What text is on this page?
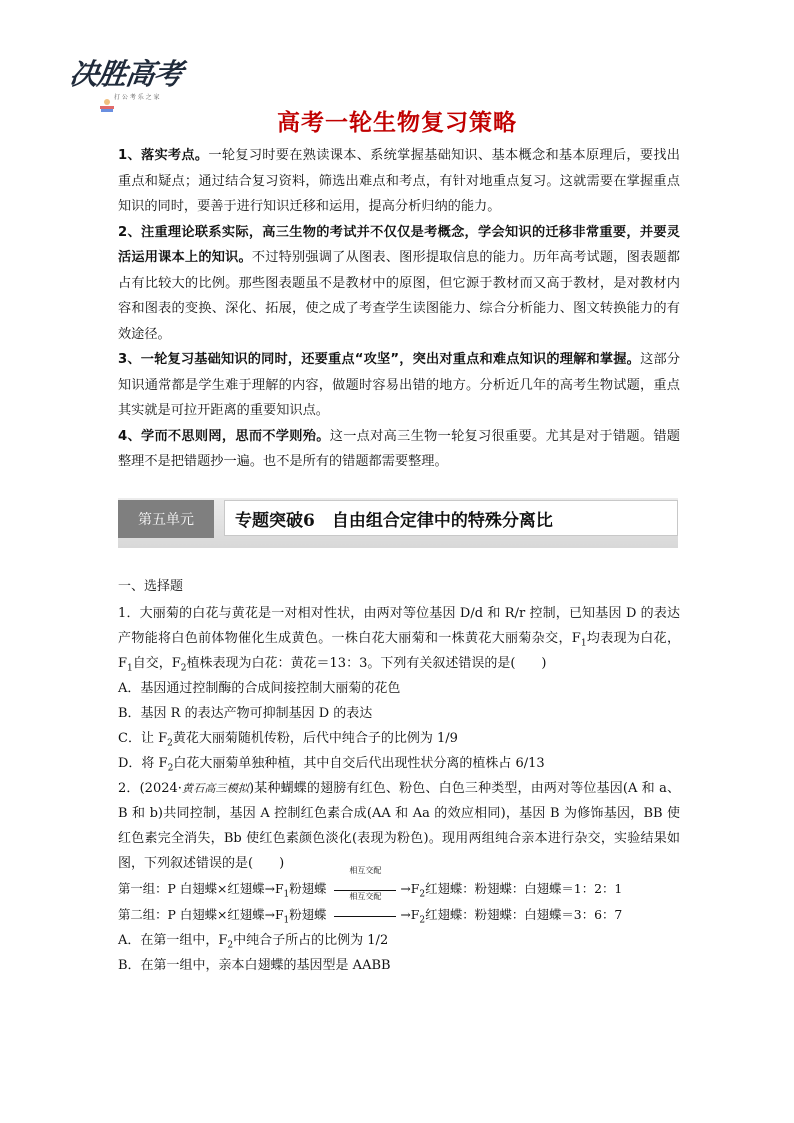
决胜高考
打 公 考 乐 之 家
高考一轮生物复习策略

1、落实考点。一轮复习时要在熟读课本、系统掌握基础知识、基本概念和基本原理后，要找出重点和疑点；通过结合复习资料，筛选出难点和考点，有针对地重点复习。这就需要在掌握重点知识的同时，要善于进行知识迁移和运用，提高分析归纳的能力。

2、注重理论联系实际，高三生物的考试并不仅仅是考概念，学会知识的迁移非常重要，并要灵活运用课本上的知识。不过特别强调了从图表、图形提取信息的能力。历年高考试题，图表题都占有比较大的比例。那些图表题虽不是教材中的原图，但它源于教材而又高于教材，是对教材内容和图表的变换、深化、拓展，使之成了考查学生读图能力、综合分析能力、图文转换能力的有效途径。

3、一轮复习基础知识的同时，还要重点“攻坚”，突出对重点和难点知识的理解和掌握。这部分知识通常都是学生难于理解的内容，做题时容易出错的地方。分析近几年的高考生物试题，重点其实就是可拉开距离的重要知识点。

4、学而不思则罔，思而不学则殆。这一点对高三生物一轮复习很重要。尤其是对于错题。错题整理不是把错题抄一遍。也不是所有的错题都需要整理。

第五单元	专题突破6　自由组合定律中的特殊分离比

一、选择题

1．大丽菊的白花与黄花是一对相对性状，由两对等位基因 D/d 和 R/r 控制，已知基因 D 的表达产物能将白色前体物催化生成黄色。一株白花大丽菊和一株黄花大丽菊杂交，$F_1$均表现为白花，$F_1$自交，$F_2$植株表现为白花：黄花＝13：3。下列有关叙述错误的是(　　)

A．基因通过控制酶的合成间接控制大丽菊的花色

B．基因 R 的表达产物可抑制基因 D 的表达

C．让 $F_2$黄花大丽菊随机传粉，后代中纯合子的比例为 1/9

D．将 $F_2$白花大丽菊单独种植，其中自交后代出现性状分离的植株占 6/13

2．(2024·黄石高三模拟)某种蝴蝶的翅膀有红色、粉色、白色三种类型，由两对等位基因(A 和 a、B 和 b)共同控制，基因 A 控制红色素合成(AA 和 Aa 的效应相同)，基因 B 为修饰基因，BB 使红色素完全消失，Bb 使红色素颜色淡化(表现为粉色)。现用两组纯合亲本进行杂交，实验结果如图，下列叙述错误的是(　　)

第一组：P 白翅蝶×红翅蝶$\to F_1$粉翅蝶
相互交配
$\to F_2$红翅蝶：粉翅蝶：白翅蝶＝1：2：1

第二组：P 白翅蝶×红翅蝶$\to F_1$粉翅蝶
相互交配
$\to F_2$红翅蝶：粉翅蝶：白翅蝶＝3：6：7

A．在第一组中，$F_2$中纯合子所占的比例为 1/2

B．在第一组中，亲本白翅蝶的基因型是 AABB
